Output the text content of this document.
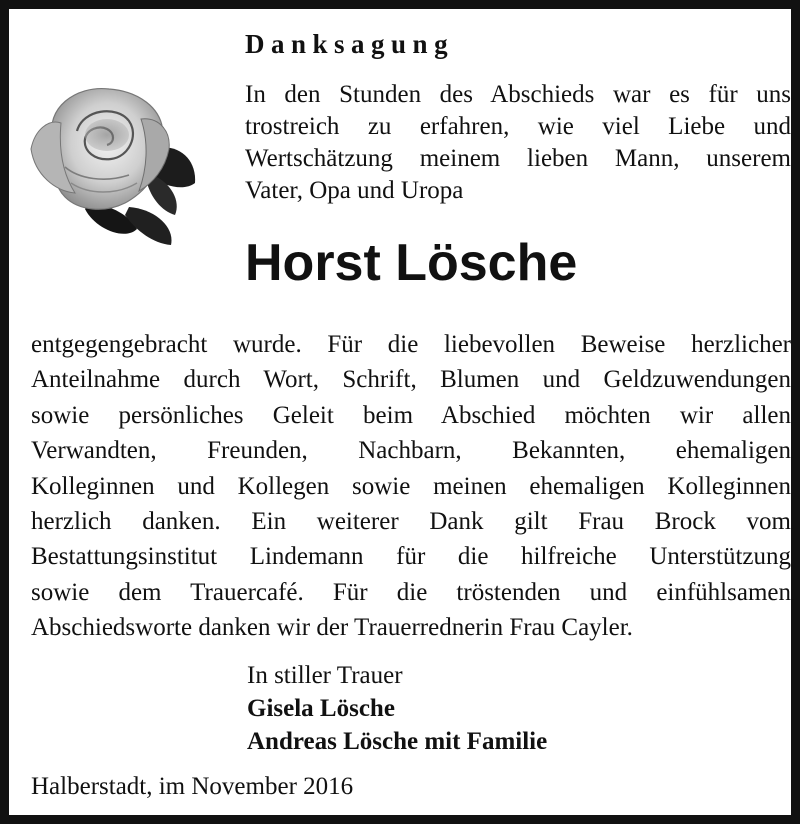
Danksagung
In den Stunden des Abschieds war es für uns
trostreich zu erfahren, wie viel Liebe und
Wertschätzung meinem lieben Mann, unserem
Vater, Opa und Uropa
Horst Lösche
entgegengebracht wurde. Für die liebevollen Beweise herzlicher
Anteilnahme durch Wort, Schrift, Blumen und Geldzuwendungen
sowie persönliches Geleit beim Abschied möchten wir allen
Verwandten, Freunden, Nachbarn, Bekannten, ehemaligen
Kolleginnen und Kollegen sowie meinen ehemaligen Kolleginnen
herzlich danken. Ein weiterer Dank gilt Frau Brock vom
Bestattungsinstitut Lindemann für die hilfreiche Unterstützung
sowie dem Trauercafé. Für die tröstenden und einfühlsamen
Abschiedsworte danken wir der Trauerrednerin Frau Cayler.
In stiller Trauer
Gisela Lösche
Andreas Lösche mit Familie
Halberstadt, im November 2016
